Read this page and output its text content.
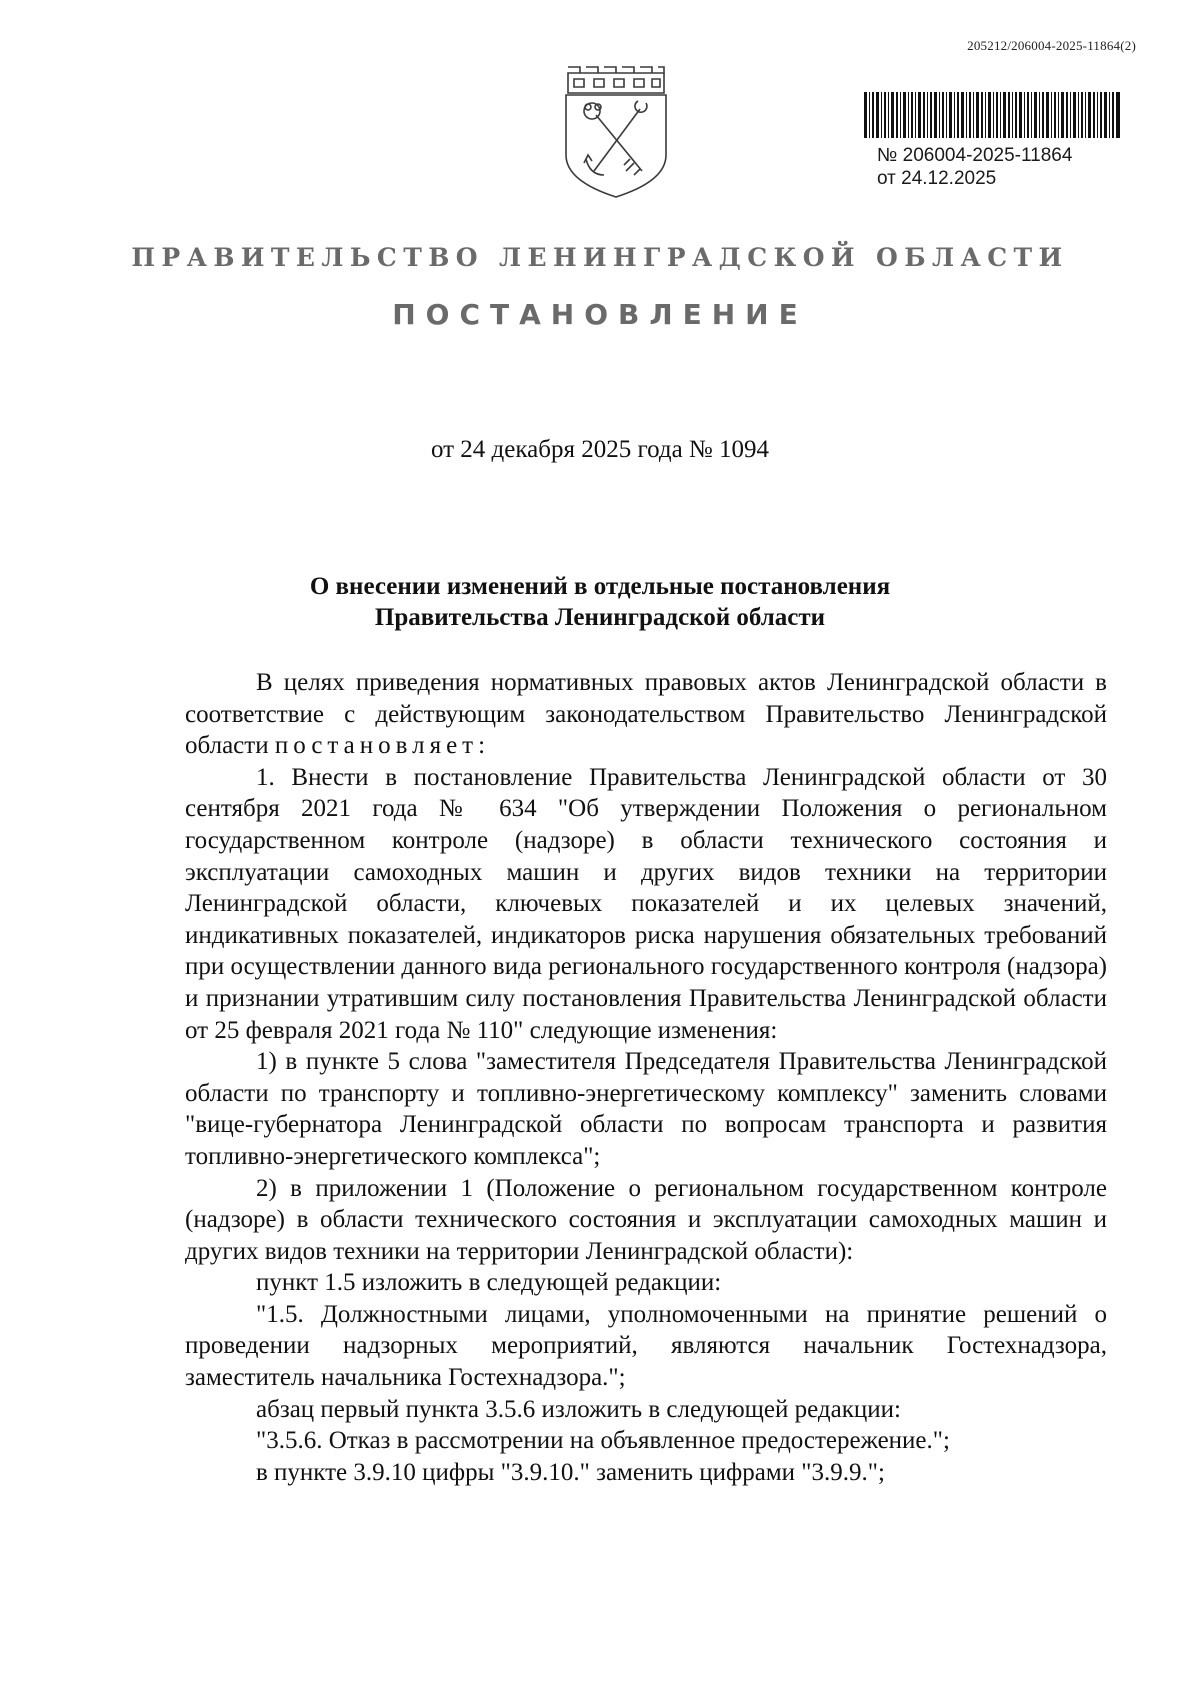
205212/206004-2025-11864(2)
№ 206004-2025-11864
от 24.12.2025
ПРАВИТЕЛЬСТВО ЛЕНИНГРАДСКОЙ ОБЛАСТИ
ПОСТАНОВЛЕНИЕ
от 24 декабря 2025 года № 1094
О внесении изменений в отдельные постановления
Правительства Ленинградской области

В целях приведения нормативных правовых актов Ленинградской области в соответствие с действующим законодательством Правительство Ленинградской области постановляет:

1. Внести в постановление Правительства Ленинградской области от 30 сентября 2021 года № 634 "Об утверждении Положения о региональном государственном контроле (надзоре) в области технического состояния и эксплуатации самоходных машин и других видов техники на территории Ленинградской области, ключевых показателей и их целевых значений, индикативных показателей, индикаторов риска нарушения обязательных требований при осуществлении данного вида регионального государственного контроля (надзора) и признании утратившим силу постановления Правительства Ленинградской области от 25 февраля 2021 года № 110" следующие изменения:

1) в пункте 5 слова "заместителя Председателя Правительства Ленинградской области по транспорту и топливно-энергетическому комплексу" заменить словами "вице-губернатора Ленинградской области по вопросам транспорта и развития топливно-энергетического комплекса";

2) в приложении 1 (Положение о региональном государственном контроле (надзоре) в области технического состояния и эксплуатации самоходных машин и других видов техники на территории Ленинградской области):

пункт 1.5 изложить в следующей редакции:

"1.5. Должностными лицами, уполномоченными на принятие решений о проведении надзорных мероприятий, являются начальник Гостехнадзора, заместитель начальника Гостехнадзора.";

абзац первый пункта 3.5.6 изложить в следующей редакции:

"3.5.6. Отказ в рассмотрении на объявленное предостережение.";

в пункте 3.9.10 цифры "3.9.10." заменить цифрами "3.9.9.";
